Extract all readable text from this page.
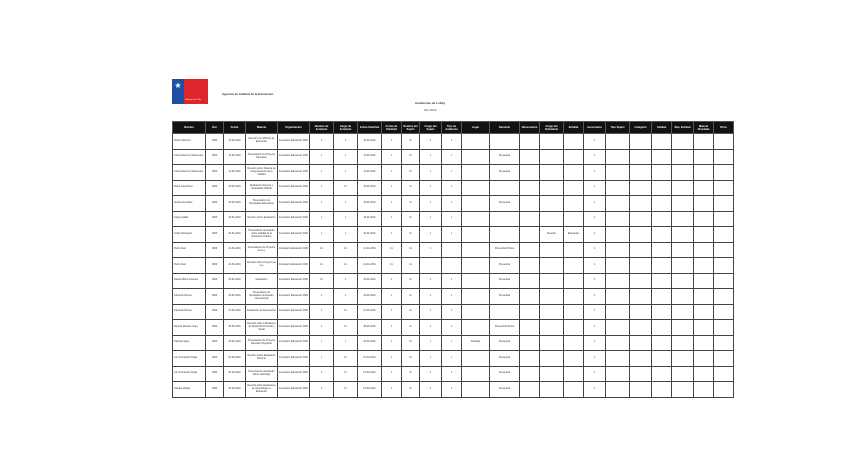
★
Gobierno de Chile
Agencia de Calidad de la Educación
Audiencias de Lobby
Año 2016
Nombre	Rut	Fecha	Materia	Organización	Nombre de Asistente	Cargo de Asistente	Fecha Solicitud	Forma de Solicitud	Nombre del Sujeto	Cargo del Sujeto	Tipo de Audiencia	Lugar	Duración	Observación	Cargo del Solicitante	Entidad	Asesorados	Tipo Sujeto	Categoría	Calidad	Rep. Entidad	Materia Abordada	Otros
Rubén Ramírez	1800	12-01-2016	Reunión con Ministro de Educación	Fundación Educación 2020	1	1	12-01-2016	1	11	1	1						1						
Carlos Ramírez Valenzuela	1800	13-01-2016	Presentación de Proyecto Educativo	Fundación Educación 2020	1	1	13-01-2016	1	11	1	1		Presencial				1						
Carlos Ramírez Valenzuela	1800	14-01-2016	Reunión sobre Sistema de Aseguramiento de la Calidad	Fundación Educación 2020	1	1	14-01-2016	1	11	1	1		Presencial				1						
María José Pérez	1800	15-01-2016	Evaluación Docente y Resultados SIMCE	Fundación Educación 2020	1	11	15-01-2016	1	11	1	1						1						
Andrea González	1800	18-01-2016	Presentación de Resultados Educativos	Fundación Educación 2020	1	1	18-01-2016	1	11	1	1		Presencial				1						
Jorge Castillo	1800	19-01-2016	Reunión sobre Evaluación	Fundación Educación 2020	1	1	19-01-2016	1	11	1	1						1						
Felipe Rodríguez	1800	20-01-2016	Presentación de Estudio sobre Calidad de la Educación Pública	Fundación Educación 2020	1	1	20-01-2016	1	11	1	1				Reunión	Educación	1						
Pedro Soto	1800	21-01-2016	Presentación de Proyecto de Ley	Fundación Educación 2020	11	11	21-01-2016	11	11	1			Presencial Oficina				1						
Pedro Soto	1800	22-01-2016	Reunión sobre Proyecto de Ley	Fundación Educación 2020	11	11	22-01-2016	11	11				Presencial				1						
Daniel Muñoz Fuentes	1800	25-01-2016	Evaluación	Fundación Educación 2020	11	1	25-01-2016	1	11	1	1		Presencial				1						
Carolina Herrera	1800	26-01-2016	Presentación de Resultados de Estudio Internacional	Fundación Educación 2020	1	1	26-01-2016	1	11	1	1		Presencial				1						
Carolina Herrera	1800	27-01-2016	Evaluación de Desempeño	Fundación Educación 2020	1	11	27-01-2016	1	11	1	1						1						
Ricardo Morales Vega	1800	28-01-2016	Reunión sobre Indicadores de Desarrollo Personal y Social	Fundación Educación 2020	1	11	28-01-2016	1	11	1	1		Presencial Oficina				1						
Patricia Lagos	1800	29-01-2016	Presentación de Proyecto Educativo Regional	Fundación Educación 2020	1	1	29-01-2016	1	11	1	1	Santiago	Presencial				1						
Luis Fernández Rojas	1800	01-02-2016	Reunión sobre Evaluación Docente	Fundación Educación 2020	1	11	01-02-2016	1	11	1	1		Presencial				1						
Luis Fernández Rojas	1800	02-02-2016	Presentación de Estudio Sobre Liderazgo	Fundación Educación 2020	1	11	02-02-2016	1	11	1	1		Presencial				1						
Claudia Vargas	1800	03-02-2016	Reunión sobre Estándares de Aprendizaje en Educación	Fundación Educación 2020	1	11	03-02-2016	1	11	1	1		Presencial				1						
